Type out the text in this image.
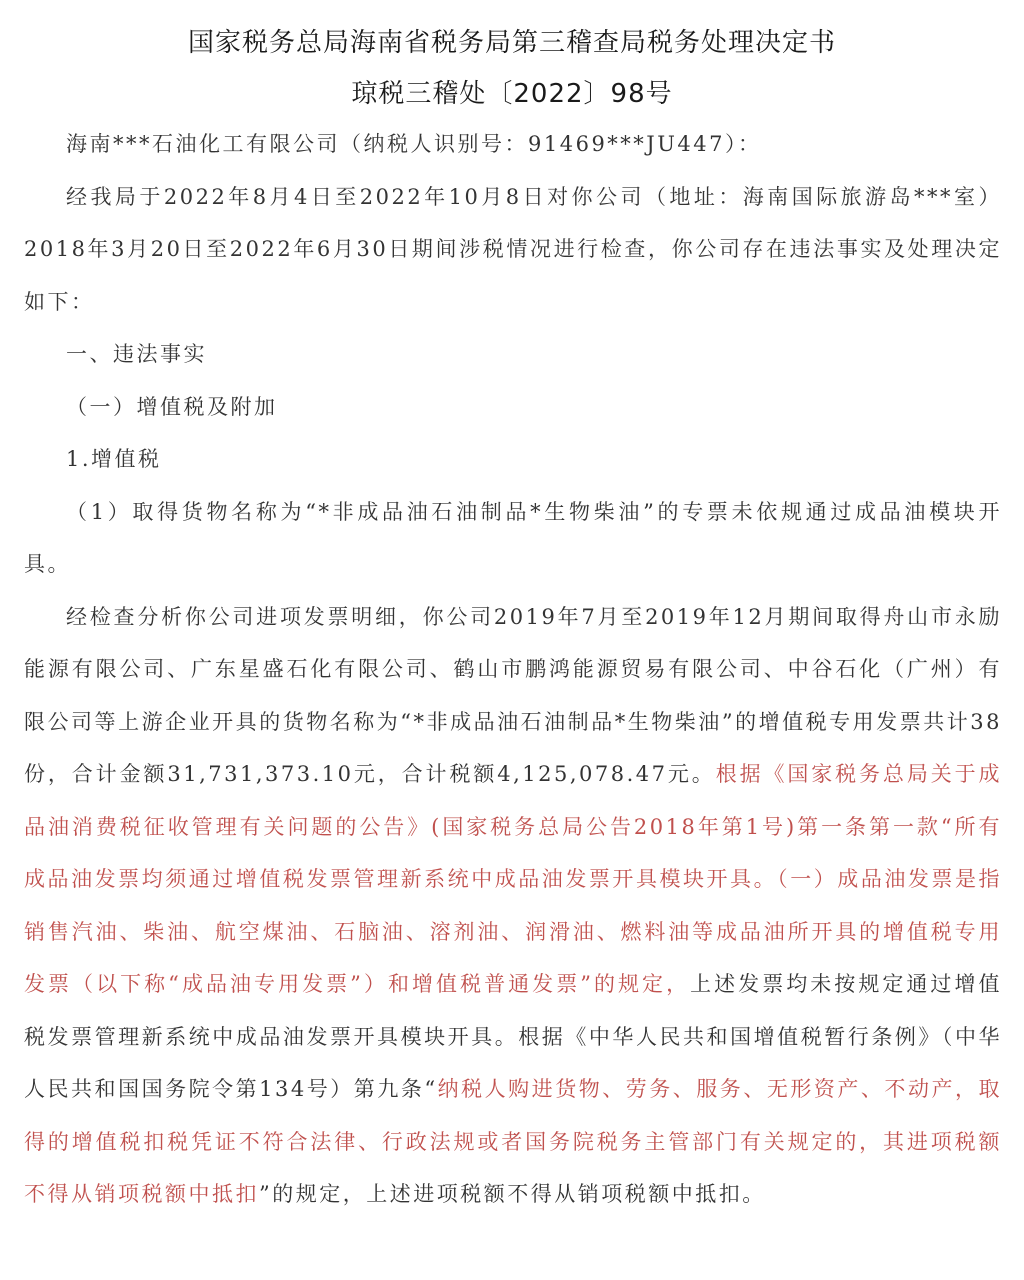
国家税务总局海南省税务局第三稽查局税务处理决定书
琼税三稽处〔2022〕98号

海南***石油化工有限公司（纳税人识别号：91469***JU447）：

经我局于2022年8月4日至2022年10月8日对你公司（地址：海南国际旅游岛***室）2018年3月20日至2022年6月30日期间涉税情况进行检查，你公司存在违法事实及处理决定如下：

一、违法事实

（一）增值税及附加

1.增值税

（1）取得货物名称为“*非成品油石油制品*生物柴油”的专票未依规通过成品油模块开具。

经检查分析你公司进项发票明细，你公司2019年7月至2019年12月期间取得舟山市永励能源有限公司、广东星盛石化有限公司、鹤山市鹏鸿能源贸易有限公司、中谷石化（广州）有限公司等上游企业开具的货物名称为“*非成品油石油制品*生物柴油”的增值税专用发票共计38份，合计金额31,731,373.10元，合计税额4,125,078.47元。根据《国家税务总局关于成品油消费税征收管理有关问题的公告》(国家税务总局公告2018年第1号)第一条第一款“所有成品油发票均须通过增值税发票管理新系统中成品油发票开具模块开具。（一）成品油发票是指销售汽油、柴油、航空煤油、石脑油、溶剂油、润滑油、燃料油等成品油所开具的增值税专用发票（以下称“成品油专用发票”）和增值税普通发票”的规定，上述发票均未按规定通过增值税发票管理新系统中成品油发票开具模块开具。根据《中华人民共和国增值税暂行条例》（中华人民共和国国务院令第134号）第九条“纳税人购进货物、劳务、服务、无形资产、不动产，取得的增值税扣税凭证不符合法律、行政法规或者国务院税务主管部门有关规定的，其进项税额不得从销项税额中抵扣”的规定，上述进项税额不得从销项税额中抵扣。
